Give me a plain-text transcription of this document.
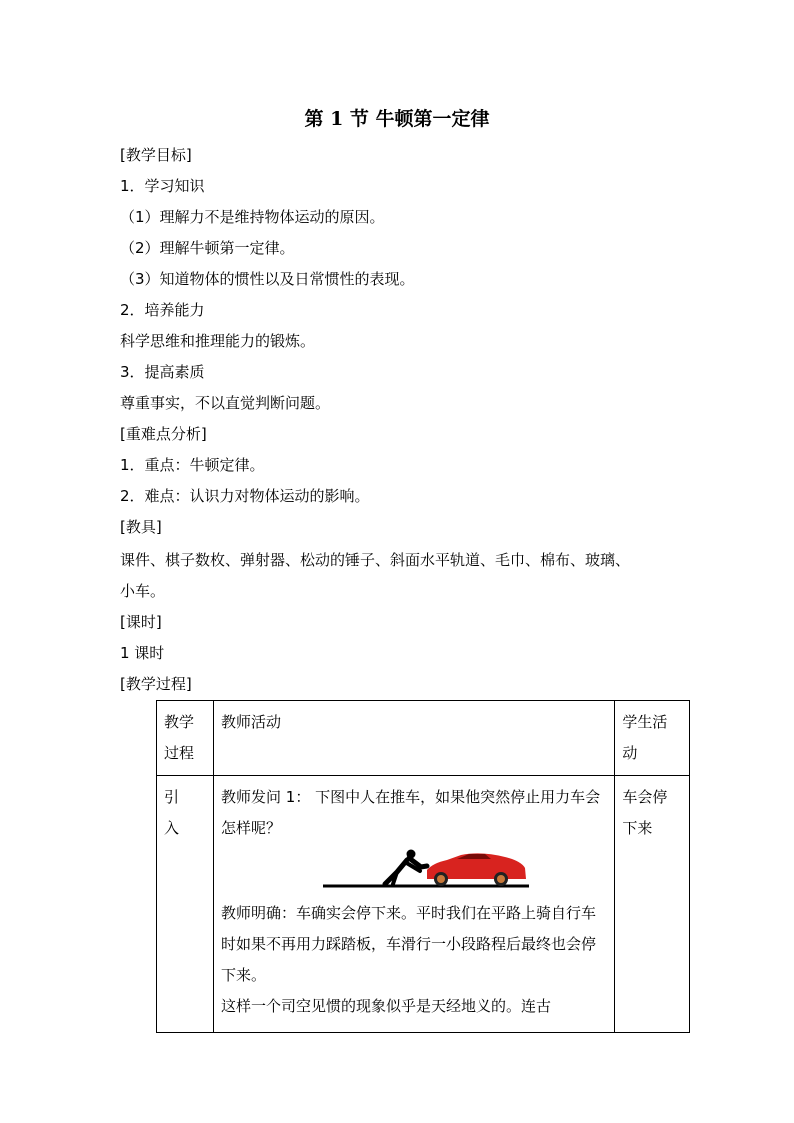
第 1 节 牛顿第一定律
[教学目标]
1．学习知识
（1）理解力不是维持物体运动的原因。
（2）理解牛顿第一定律。
（3）知道物体的惯性以及日常惯性的表现。
2．培养能力
科学思维和推理能力的锻炼。
3．提高素质
尊重事实，不以直觉判断问题。
[重难点分析]
1．重点：牛顿定律。
2．难点：认识力对物体运动的影响。
[教具]
课件、棋子数枚、弹射器、松动的锤子、斜面水平轨道、毛巾、棉布、玻璃、
小车。
[课时]
1 课时
[教学过程]
教学过程	教师活动	学生活动
引　入	教师发问 1： 下图中人在推车，如果他突然停止用力车会怎样呢？
教师明确：车确实会停下来。平时我们在平路上骑自行车时如果不再用力踩踏板，车滑行一小段路程后最终也会停下来。
这样一个司空见惯的现象似乎是天经地义的。连古	车会停下来
